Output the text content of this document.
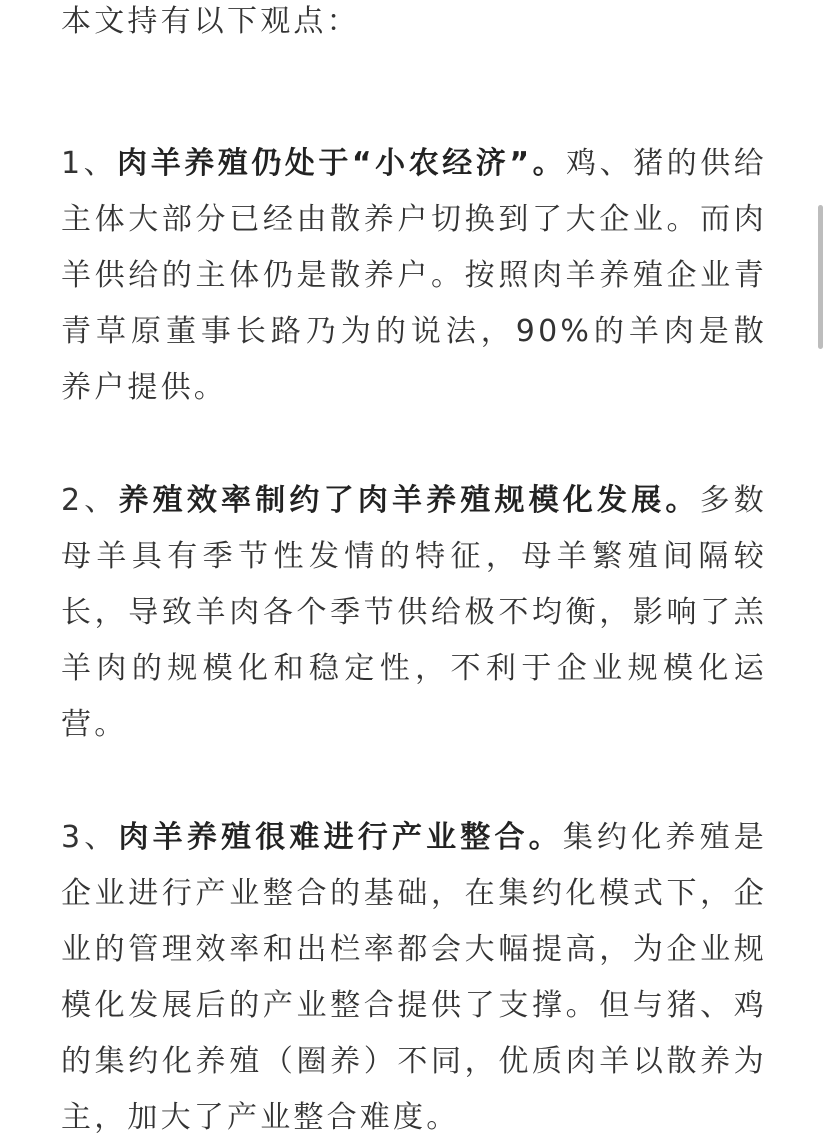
本文持有以下观点：

1、肉羊养殖仍处于“小农经济”。鸡、猪的供给主体大部分已经由散养户切换到了大企业。而肉羊供给的主体仍是散养户。按照肉羊养殖企业青青草原董事长路乃为的说法，90%的羊肉是散养户提供。

2、养殖效率制约了肉羊养殖规模化发展。多数母羊具有季节性发情的特征，母羊繁殖间隔较长，导致羊肉各个季节供给极不均衡，影响了羔羊肉的规模化和稳定性，不利于企业规模化运营。

3、肉羊养殖很难进行产业整合。集约化养殖是企业进行产业整合的基础，在集约化模式下，企业的管理效率和出栏率都会大幅提高，为企业规模化发展后的产业整合提供了支撑。但与猪、鸡的集约化养殖（圈养）不同，优质肉羊以散养为主，加大了产业整合难度。
